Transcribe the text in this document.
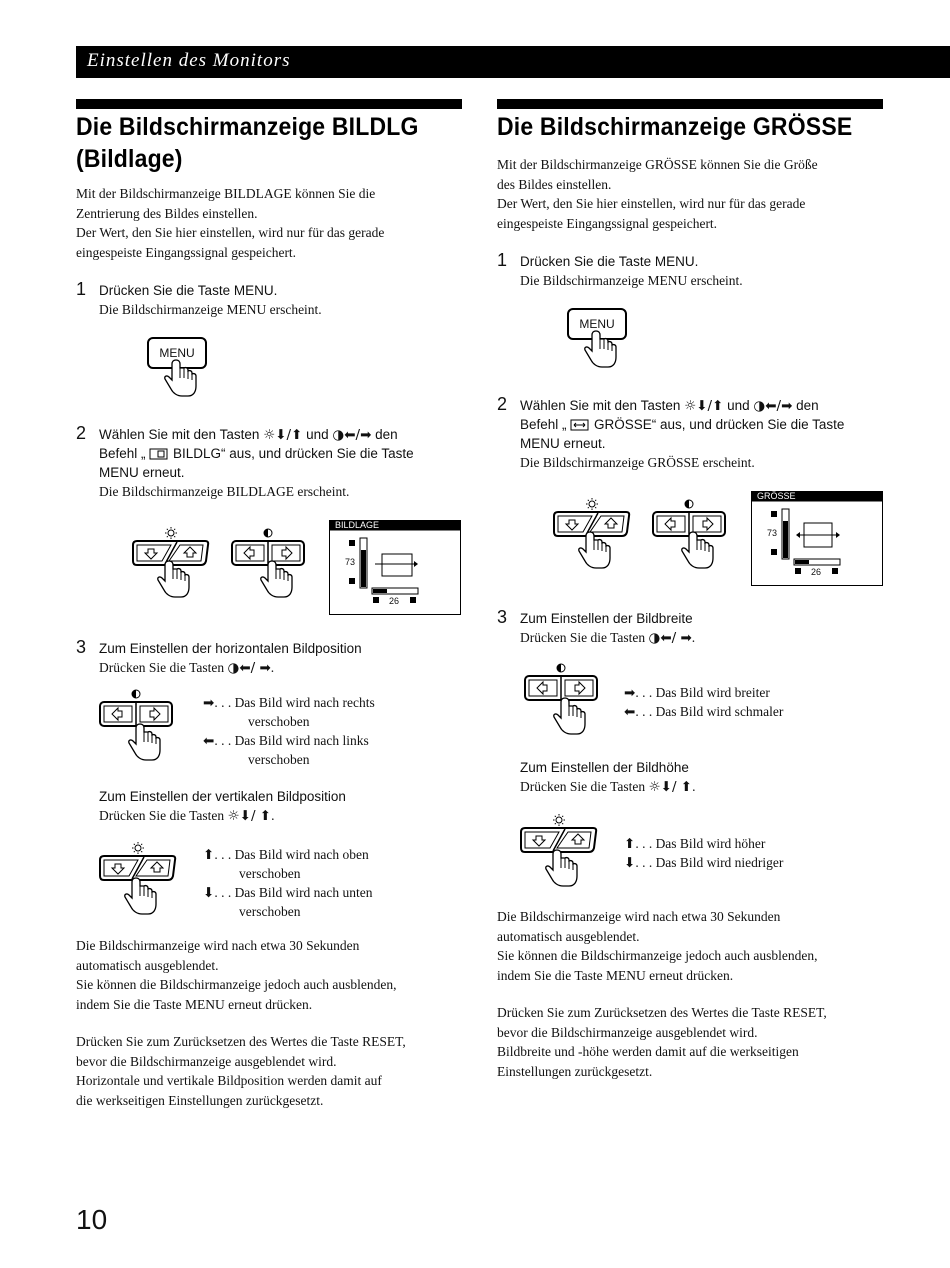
Einstellen des Monitors
Die Bildschirmanzeige BILDLG
(Bildlage)
Mit der Bildschirmanzeige BILDLAGE können Sie die
Zentrierung des Bildes einstellen.
Der Wert, den Sie hier einstellen, wird nur für das gerade
eingespeiste Eingangssignal gespeichert.
1 Drücken Sie die Taste MENU.
Die Bildschirmanzeige MENU erscheint.
MENU
2 Wählen Sie mit den Tasten ☼⬇/⬆ und ◑⬅/➡ den
Befehl „  BILDLG“ aus, und drücken Sie die Taste
MENU erneut.
Die Bildschirmanzeige BILDLAGE erscheint.
BILDLAGE
73
26
3 Zum Einstellen der horizontalen Bildposition
Drücken Sie die Tasten ◑⬅/ ➡.
➡. . . Das Bild wird nach rechts
verschoben
⬅. . . Das Bild wird nach links
verschoben
Zum Einstellen der vertikalen Bildposition
Drücken Sie die Tasten ☼⬇/ ⬆.
⬆. . . Das Bild wird nach oben
verschoben
⬇. . . Das Bild wird nach unten
verschoben
Die Bildschirmanzeige wird nach etwa 30 Sekunden
automatisch ausgeblendet.
Sie können die Bildschirmanzeige jedoch auch ausblenden,
indem Sie die Taste MENU erneut drücken.
Drücken Sie zum Zurücksetzen des Wertes die Taste RESET,
bevor die Bildschirmanzeige ausgeblendet wird.
Horizontale und vertikale Bildposition werden damit auf
die werkseitigen Einstellungen zurückgesetzt.
Die Bildschirmanzeige GRÖSSE
Mit der Bildschirmanzeige GRÖSSE können Sie die Größe
des Bildes einstellen.
Der Wert, den Sie hier einstellen, wird nur für das gerade
eingespeiste Eingangssignal gespeichert.
1 Drücken Sie die Taste MENU.
Die Bildschirmanzeige MENU erscheint.
MENU
2 Wählen Sie mit den Tasten ☼⬇/⬆ und ◑⬅/➡ den
Befehl „  GRÖSSE“ aus, und drücken Sie die Taste
MENU erneut.
Die Bildschirmanzeige GRÖSSE erscheint.
GRÖSSE
73
26
3 Zum Einstellen der Bildbreite
Drücken Sie die Tasten ◑⬅/ ➡.
➡. . . Das Bild wird breiter
⬅. . . Das Bild wird schmaler
Zum Einstellen der Bildhöhe
Drücken Sie die Tasten ☼⬇/ ⬆.
⬆. . . Das Bild wird höher
⬇. . . Das Bild wird niedriger
Die Bildschirmanzeige wird nach etwa 30 Sekunden
automatisch ausgeblendet.
Sie können die Bildschirmanzeige jedoch auch ausblenden,
indem Sie die Taste MENU erneut drücken.
Drücken Sie zum Zurücksetzen des Wertes die Taste RESET,
bevor die Bildschirmanzeige ausgeblendet wird.
Bildbreite und -höhe werden damit auf die werkseitigen
Einstellungen zurückgesetzt.
10
